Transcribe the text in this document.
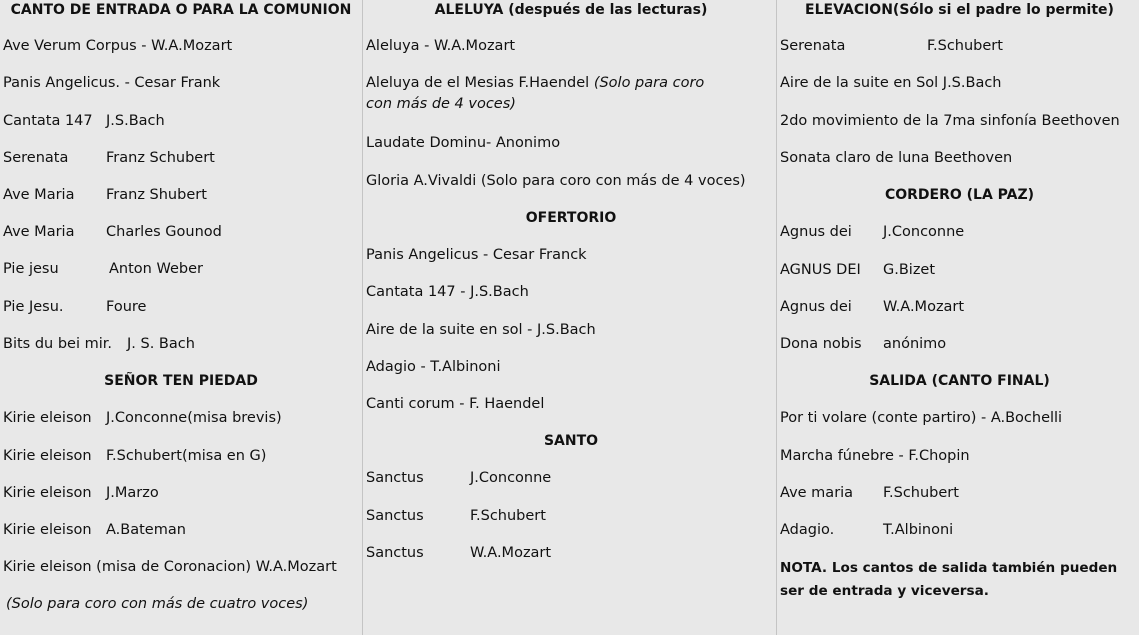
CANTO DE ENTRADA O PARA LA COMUNION
Ave Verum Corpus - W.A.Mozart
Panis Angelicus. - Cesar Frank
Cantata 147 J.S.Bach
Serenata	Franz Schubert
Ave Maria Franz Shubert
Ave Maria Charles Gounod
Pie jesu	Anton Weber
Pie Jesu.	Foure
Bits du bei mir. J. S. Bach
SEÑOR TEN PIEDAD
Kirie eleison J.Conconne(misa brevis)
Kirie eleison F.Schubert(misa en G)
Kirie eleison J.Marzo
Kirie eleison A.Bateman
Kirie eleison (misa de Coronacion) W.A.Mozart
(Solo para coro con más de cuatro voces)
ALELUYA (después de las lecturas)
Aleluya - W.A.Mozart
Aleluya de el Mesias F.Haendel (Solo para coro con más de 4 voces)
Laudate Dominu- Anonimo
Gloria A.Vivaldi (Solo para coro con más de 4 voces)
OFERTORIO
Panis Angelicus - Cesar Franck
Cantata 147 - J.S.Bach
Aire de la suite en sol - J.S.Bach
Adagio - T.Albinoni
Canti corum - F. Haendel
SANTO
Sanctus	J.Conconne
Sanctus	F.Schubert
Sanctus	W.A.Mozart
ELEVACION(Sólo si el padre lo permite)
Serenata	F.Schubert
Aire de la suite en Sol J.S.Bach
2do movimiento de la 7ma sinfonía Beethoven
Sonata claro de luna Beethoven
CORDERO (LA PAZ)
Agnus dei J.Conconne
AGNUS DEI G.Bizet
Agnus dei W.A.Mozart
Dona nobis anónimo
SALIDA (CANTO FINAL)
Por ti volare (conte partiro) - A.Bochelli
Marcha fúnebre - F.Chopin
Ave maria F.Schubert
Adagio.	T.Albinoni
NOTA. Los cantos de salida también pueden ser de entrada y viceversa.
